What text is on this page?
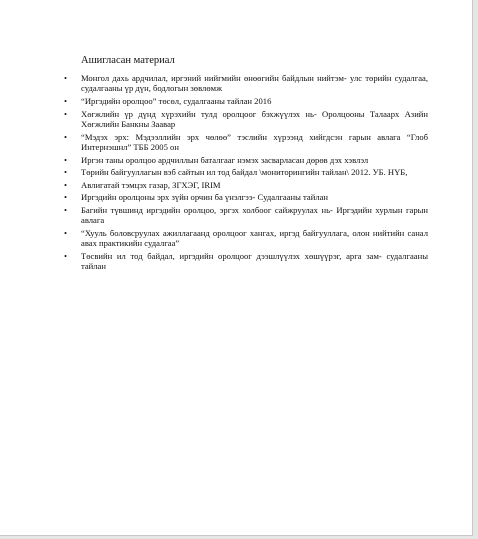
Ашигласан материал

• Монгол дахь ардчилал, иргэний нийгмийн өнөөгийн байдлын нийтэм- улс төрийн судалгаа, судалгааны үр дүн, бодлогын зөвлөмж
• “Иргэдийн оролцоо” төсөл, судалгааны тайлан 2016
• Хөгжлийн үр дүнд хүрэхийн тулд оролцоог бэхжүүлэх нь- Оролцооны Талаарх Азийн Хөгжлийн Банкны Заавар
• “Мэдэх эрх: Мэдээллийн эрх чөлөө” тэслийн хүрээнд хийгдсэн гарын авлага “Глоб Интернэшнл” ТББ 2005 он
• Иргэн таны оролцоо ардчиллын баталгааг нэмэх засварласан дөрөв дэх хэвлэл
• Төрийн байгууллагын вэб сайтын ил тод байдал \мониторингийн тайлан\ 2012. УБ. НҮБ,
• Авлигатай тэмцэх газар, ЗГХЭГ, IRIM
• Иргэдийн оролцоны эрх зүйн орчин ба үнэлгээ- Судалгааны тайлан
• Багийн түвшинд иргэдийн оролцоо, эргэх холбоог сайжруулах нь- Иргэдийн хурлын гарын авлага
• “Хууль боловсруулах ажиллагаанд оролцоог хангах, иргэд байгууллага, олон нийтийн санал авах практикийн судалгаа”
• Төсвийн ил тод байдал, иргэдийн оролцоог дээшлүүлэх хөшүүрэг, арга зам- судалгааны тайлан
